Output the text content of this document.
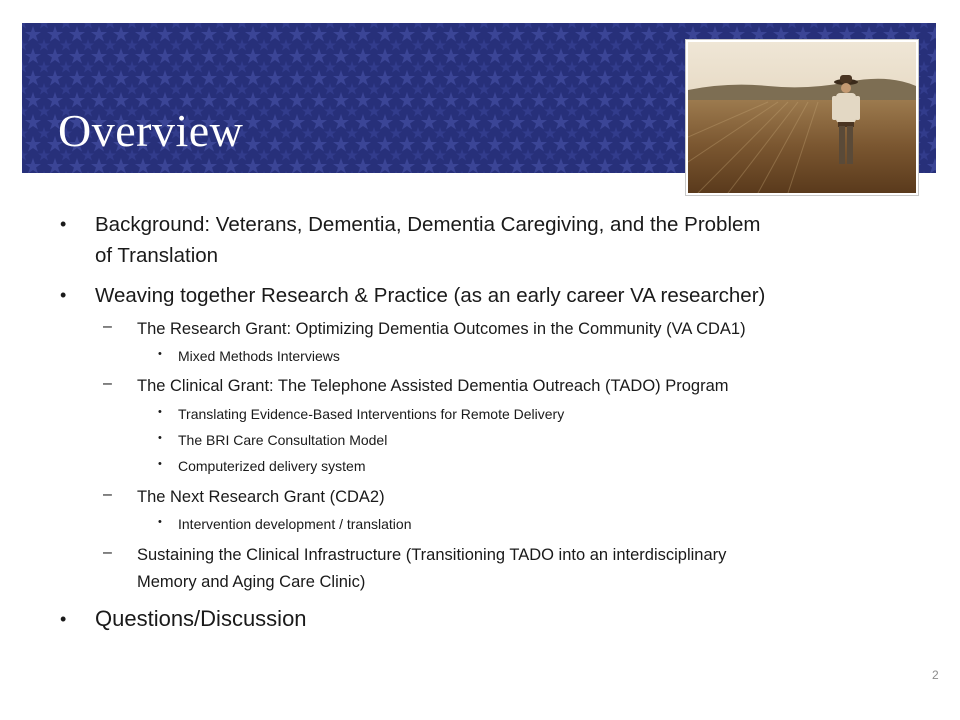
Overview
• Background: Veterans, Dementia, Dementia Caregiving, and the Problem
of Translation
• Weaving together Research & Practice (as an early career VA researcher)
– The Research Grant: Optimizing Dementia Outcomes in the Community (VA CDA1)
• Mixed Methods Interviews
– The Clinical Grant: The Telephone Assisted Dementia Outreach (TADO) Program
• Translating Evidence-Based Interventions for Remote Delivery
• The BRI Care Consultation Model
• Computerized delivery system
– The Next Research Grant (CDA2)
• Intervention development / translation
– Sustaining the Clinical Infrastructure (Transitioning TADO into an interdisciplinary
Memory and Aging Care Clinic)
• Questions/Discussion
2
